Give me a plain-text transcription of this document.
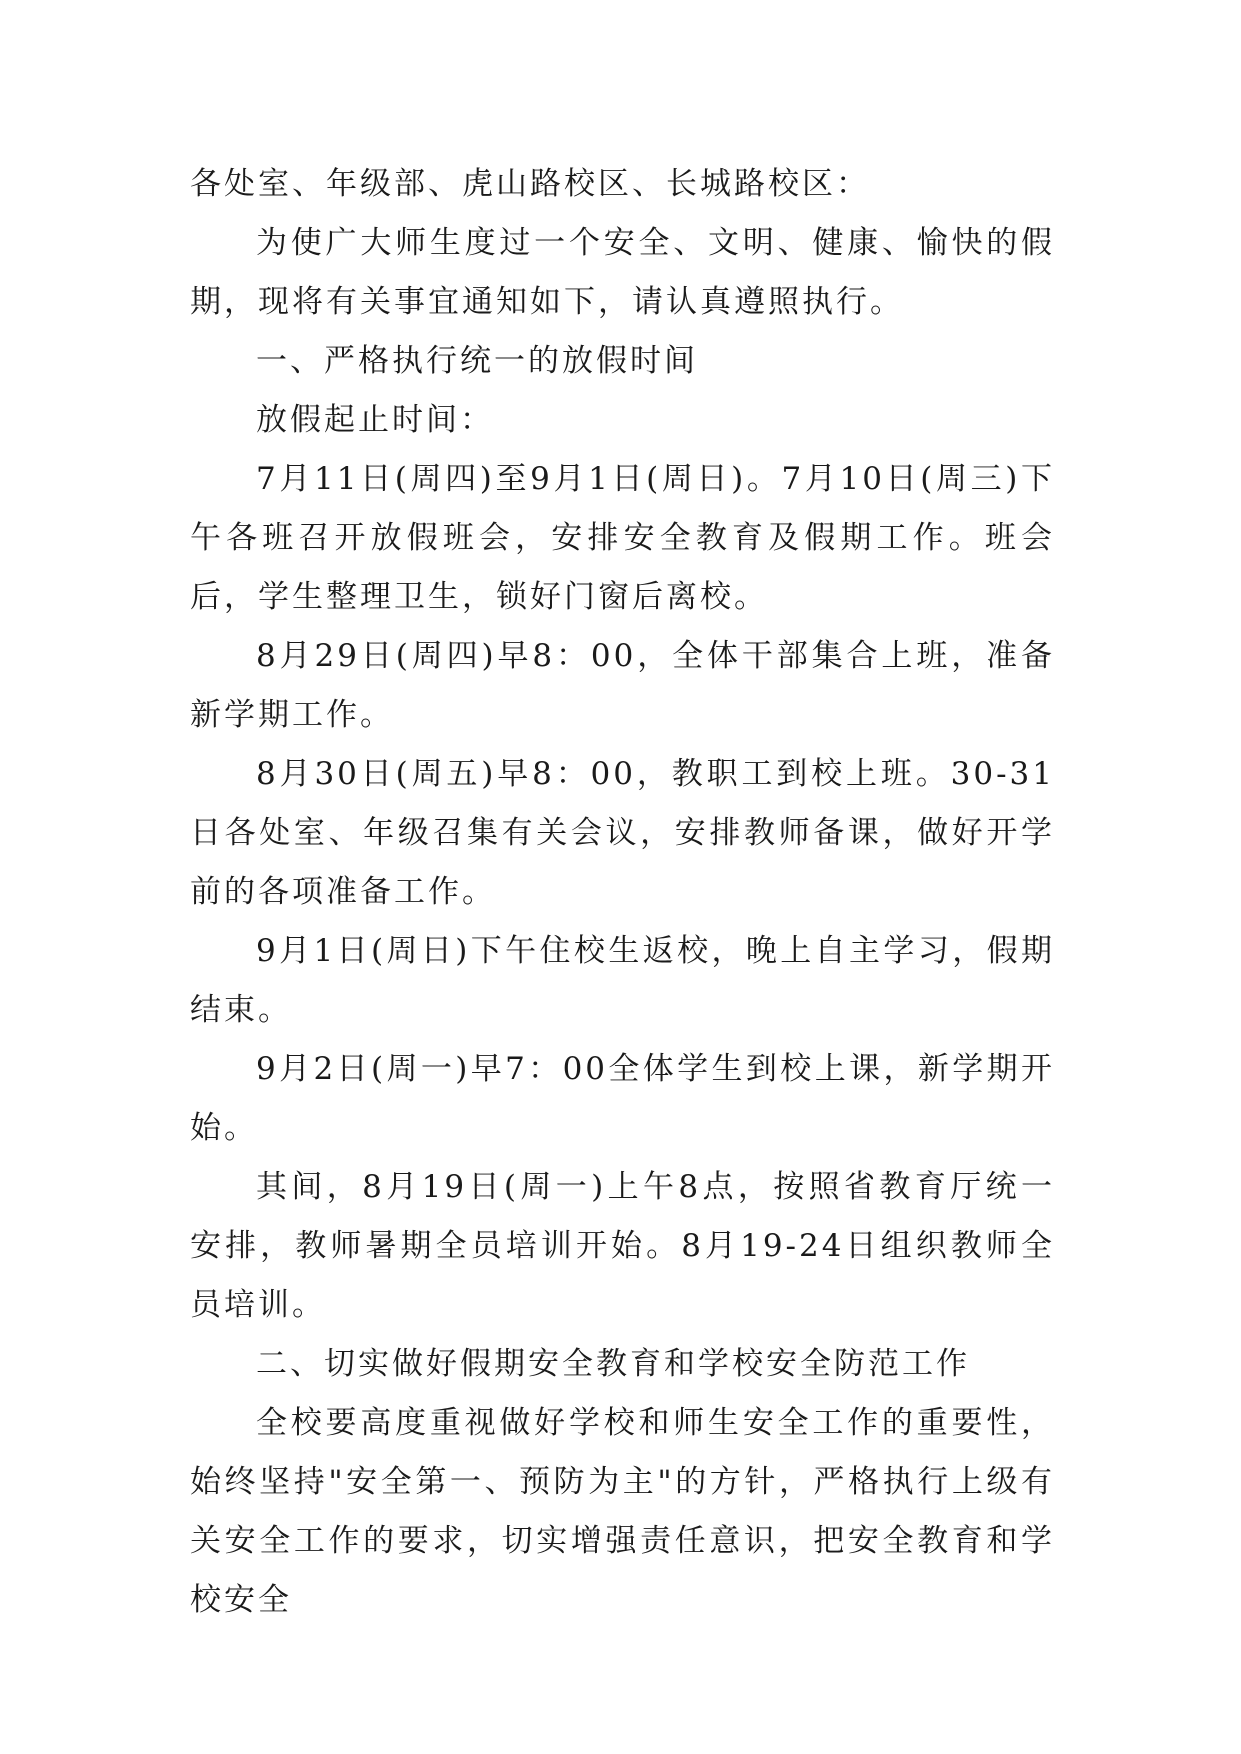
各处室、年级部、虎山路校区、长城路校区：

为使广大师生度过一个安全、文明、健康、愉快的假期，现将有关事宜通知如下，请认真遵照执行。

一、严格执行统一的放假时间

放假起止时间：

7月11日(周四)至9月1日(周日)。7月10日(周三)下午各班召开放假班会，安排安全教育及假期工作。班会后，学生整理卫生，锁好门窗后离校。

8月29日(周四)早8：00，全体干部集合上班，准备新学期工作。

8月30日(周五)早8：00，教职工到校上班。30-31日各处室、年级召集有关会议，安排教师备课，做好开学前的各项准备工作。

9月1日(周日)下午住校生返校，晚上自主学习，假期结束。

9月2日(周一)早7：00全体学生到校上课，新学期开始。

其间，8月19日(周一)上午8点，按照省教育厅统一安排，教师暑期全员培训开始。8月19-24日组织教师全员培训。

二、切实做好假期安全教育和学校安全防范工作

全校要高度重视做好学校和师生安全工作的重要性，始终坚持"安全第一、预防为主"的方针，严格执行上级有关安全工作的要求，切实增强责任意识，把安全教育和学校安全
